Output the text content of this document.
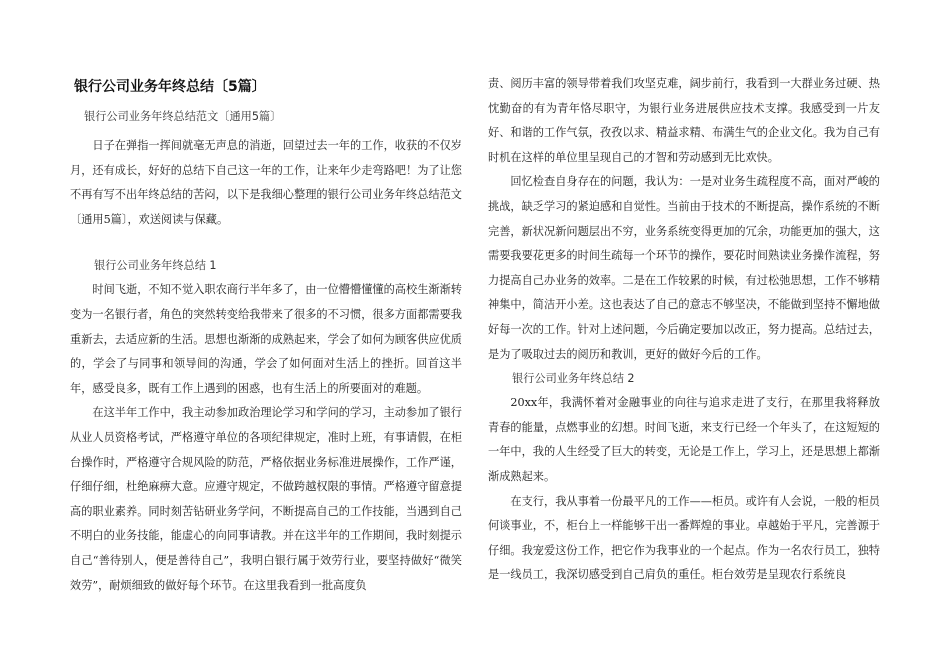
银行公司业务年终总结〔5篇〕
银行公司业务年终总结范文〔通用5篇〕

日子在弹指一挥间就毫无声息的消逝，回望过去一年的工作，收获的不仅岁月，还有成长，好好的总结下自己这一年的工作，让来年少走弯路吧！为了让您不再有写不出年终总结的苦闷，以下是我细心整理的银行公司业务年终总结范文〔通用5篇〕，欢送阅读与保藏。

银行公司业务年终总结 1

时间飞逝，不知不觉入职农商行半年多了，由一位懵懵懂懂的高校生渐渐转变为一名银行者，角色的突然转变给我带来了很多的不习惯，很多方面都需要我重新去，去适应新的生活。思想也渐渐的成熟起来，学会了如何为顾客供应优质的，学会了与同事和领导间的沟通，学会了如何面对生活上的挫折。回首这半年，感受良多，既有工作上遇到的困惑，也有生活上的所要面对的难题。

在这半年工作中，我主动参加政治理论学习和学问的学习，主动参加了银行从业人员资格考试，严格遵守单位的各项纪律规定，准时上班，有事请假，在柜台操作时，严格遵守合规风险的防范，严格依据业务标准进展操作，工作严谨，仔细仔细，杜绝麻痹大意。应遵守规定，不做跨越权限的事情。严格遵守留意提高的职业素养。同时刻苦钻研业务学问，不断提高自己的工作技能，当遇到自己不明白的业务技能，能虚心的向同事请教。并在这半年的工作期间，我时刻提示自己“善待别人，便是善待自己”，我明白银行属于效劳行业，要坚持做好“微笑效劳”，耐烦细致的做好每个环节。在这里我看到一批高度负

责、阅历丰富的领导带着我们攻坚克难，阔步前行，我看到一大群业务过硬、热忱勤奋的有为青年恪尽职守，为银行业务进展供应技术支撑。我感受到一片友好、和谐的工作气氛，孜孜以求、精益求精、布满生气的企业文化。我为自己有时机在这样的单位里呈现自己的才智和劳动感到无比欢快。

回忆检查自身存在的问题，我认为：一是对业务生疏程度不高，面对严峻的挑战，缺乏学习的紧迫感和自觉性。当前由于技术的不断提高，操作系统的不断完善，新状况新问题层出不穷，业务系统变得更加的冗余，功能更加的强大，这需要我要花更多的时间生疏每一个环节的操作，要花时间熟读业务操作流程，努力提高自己办业务的效率。二是在工作较累的时候，有过松弛思想，工作不够精神集中，简洁开小差。这也表达了自己的意志不够坚决，不能做到坚持不懈地做好每一次的工作。针对上述问题，今后确定要加以改正，努力提高。总结过去，是为了吸取过去的阅历和教训，更好的做好今后的工作。

银行公司业务年终总结 2

20xx年，我满怀着对金融事业的向往与追求走进了支行，在那里我将释放青春的能量，点燃事业的幻想。时间飞逝，来支行已经一个年头了，在这短短的一年中，我的人生经受了巨大的转变，无论是工作上，学习上，还是思想上都渐渐成熟起来。

在支行，我从事着一份最平凡的工作——柜员。或许有人会说，一般的柜员何谈事业，不，柜台上一样能够干出一番辉煌的事业。卓越始于平凡，完善源于仔细。我宠爱这份工作，把它作为我事业的一个起点。作为一名农行员工，独特是一线员工，我深切感受到自己肩负的重任。柜台效劳是呈现农行系统良
